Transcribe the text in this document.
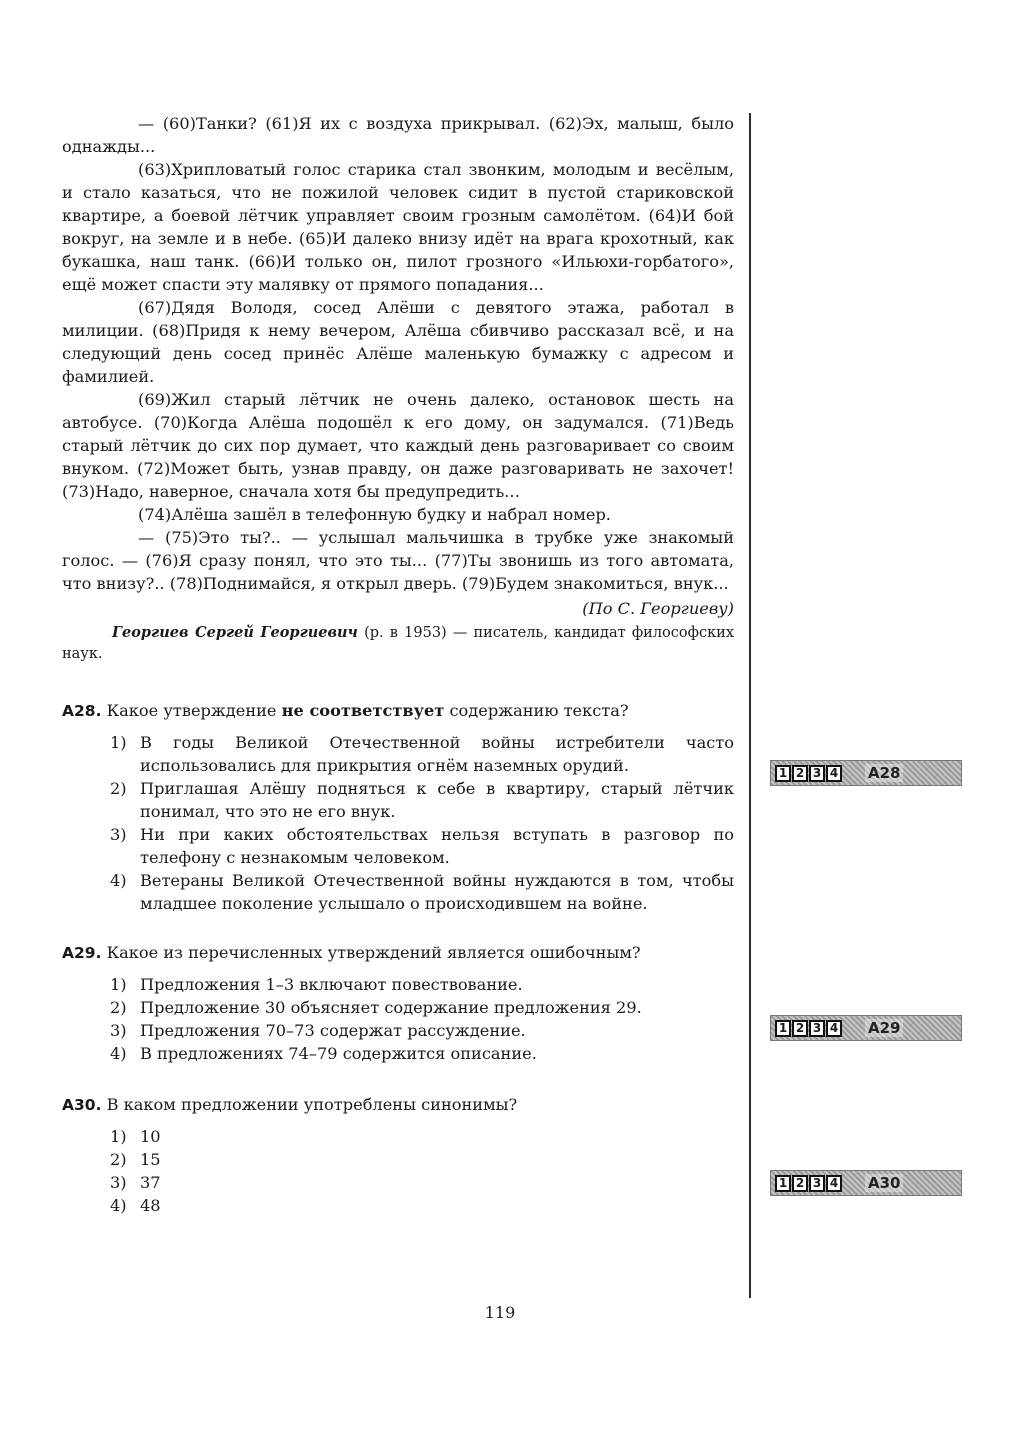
— (60)Танки? (61)Я их с воздуха прикрывал. (62)Эх, малыш, было однажды...

(63)Хрипловатый голос старика стал звонким, молодым и весёлым, и стало казаться, что не пожилой человек сидит в пустой стариковской квартире, а боевой лётчик управляет своим грозным самолётом. (64)И бой вокруг, на земле и в небе. (65)И далеко внизу идёт на врага крохотный, как букашка, наш танк. (66)И только он, пилот грозного «Ильюхи-горбатого», ещё может спасти эту малявку от прямого попадания...

(67)Дядя Володя, сосед Алёши с девятого этажа, работал в милиции. (68)Придя к нему вечером, Алёша сбивчиво рассказал всё, и на следующий день сосед принёс Алёше маленькую бумажку с адресом и фамилией.

(69)Жил старый лётчик не очень далеко, остановок шесть на автобусе. (70)Когда Алёша подошёл к его дому, он задумался. (71)Ведь старый лётчик до сих пор думает, что каждый день разговаривает со своим внуком. (72)Может быть, узнав правду, он даже разговаривать не захочет! (73)Надо, наверное, сначала хотя бы предупредить...

(74)Алёша зашёл в телефонную будку и набрал номер.

— (75)Это ты?.. — услышал мальчишка в трубке уже знакомый голос. — (76)Я сразу понял, что это ты... (77)Ты звонишь из того автомата, что внизу?.. (78)Поднимайся, я открыл дверь. (79)Будем знакомиться, внук...

(По С. Георгиеву)

Георгиев Сергей Георгиевич (р. в 1953) — писатель, кандидат философских наук.

А28. Какое утверждение не соответствует содержанию текста?

1) В годы Великой Отечественной войны истребители часто использовались для прикрытия огнём наземных орудий.
2) Приглашая Алёшу подняться к себе в квартиру, старый лётчик понимал, что это не его внук.
3) Ни при каких обстоятельствах нельзя вступать в разговор по телефону с незнакомым человеком.
4) Ветераны Великой Отечественной войны нуждаются в том, чтобы младшее поколение услышало о происходившем на войне.

А29. Какое из перечисленных утверждений является ошибочным?

1) Предложения 1–3 включают повествование.
2) Предложение 30 объясняет содержание предложения 29.
3) Предложения 70–73 содержат рассуждение.
4) В предложениях 74–79 содержится описание.

А30. В каком предложении употреблены синонимы?

1) 10
2) 15
3) 37
4) 48
1 2 3 4 А28
1 2 3 4 А29
1 2 3 4 А30
119
